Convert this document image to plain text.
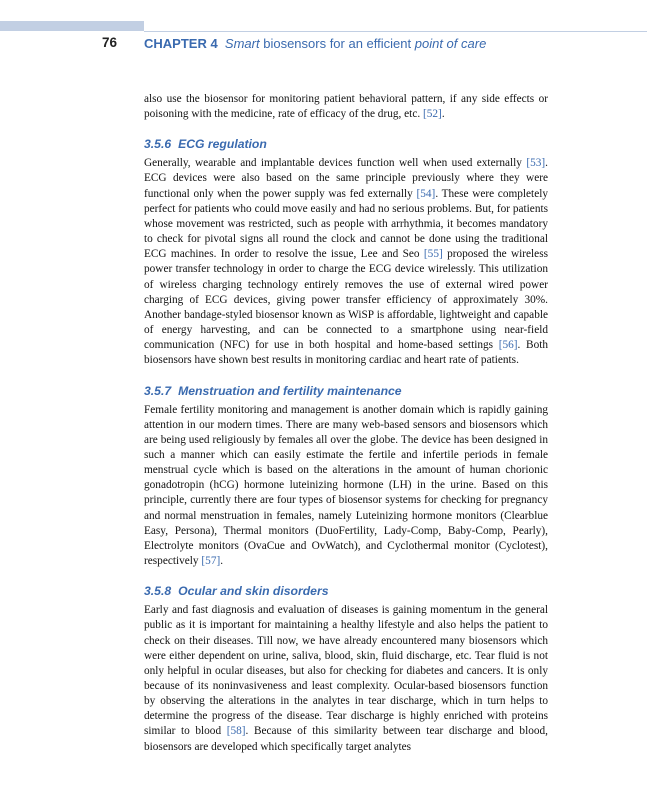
76 CHAPTER 4 Smart biosensors for an efficient point of care

also use the biosensor for monitoring patient behavioral pattern, if any side effects or poisoning with the medicine, rate of efficacy of the drug, etc. [52].

3.5.6 ECG regulation

Generally, wearable and implantable devices function well when used externally [53]. ECG devices were also based on the same principle previously where they were functional only when the power supply was fed externally [54]. These were completely perfect for patients who could move easily and had no serious problems. But, for patients whose movement was restricted, such as people with arrhythmia, it becomes mandatory to check for pivotal signs all round the clock and cannot be done using the traditional ECG machines. In order to resolve the issue, Lee and Seo [55] proposed the wireless power transfer technology in order to charge the ECG device wirelessly. This utilization of wireless charging technology entirely removes the use of external wired power charging of ECG devices, giving power transfer efficiency of approximately 30%. Another bandage-styled biosensor known as WiSP is affordable, lightweight and capable of energy harvesting, and can be connected to a smartphone using near-field communication (NFC) for use in both hospital and home-based settings [56]. Both biosensors have shown best results in monitoring cardiac and heart rate of patients.

3.5.7 Menstruation and fertility maintenance

Female fertility monitoring and management is another domain which is rapidly gaining attention in our modern times. There are many web-based sensors and biosensors which are being used religiously by females all over the globe. The device has been designed in such a manner which can easily estimate the fertile and infertile periods in female menstrual cycle which is based on the alterations in the amount of human chorionic gonadotropin (hCG) hormone luteinizing hormone (LH) in the urine. Based on this principle, currently there are four types of biosensor systems for checking for pregnancy and normal menstruation in females, namely Luteinizing hormone monitors (Clearblue Easy, Persona), Thermal monitors (DuoFertility, Lady-Comp, Baby-Comp, Pearly), Electrolyte monitors (OvaCue and OvWatch), and Cyclothermal monitor (Cyclotest), respectively [57].

3.5.8 Ocular and skin disorders

Early and fast diagnosis and evaluation of diseases is gaining momentum in the general public as it is important for maintaining a healthy lifestyle and also helps the patient to check on their diseases. Till now, we have already encountered many biosensors which were either dependent on urine, saliva, blood, skin, fluid discharge, etc. Tear fluid is not only helpful in ocular diseases, but also for checking for diabetes and cancers. It is only because of its noninvasiveness and least complexity. Ocular-based biosensors function by observing the alterations in the analytes in tear discharge, which in turn helps to determine the progress of the disease. Tear discharge is highly enriched with proteins similar to blood [58]. Because of this similarity between tear discharge and blood, biosensors are developed which specifically target analytes
